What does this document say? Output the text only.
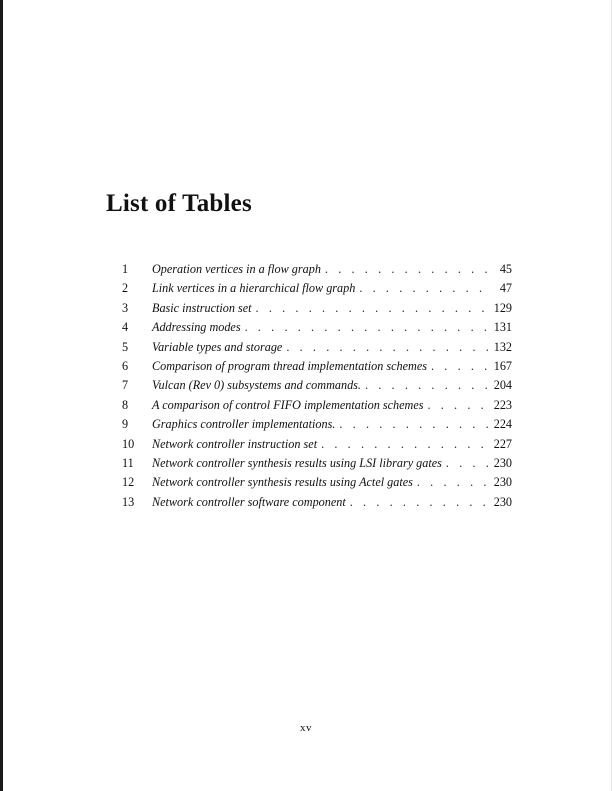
List of Tables
1	Operation vertices in a flow graph . . .	45
2	Link vertices in a hierarchical flow graph . . .	47
3	Basic instruction set . . .	129
4	Addressing modes . . .	131
5	Variable types and storage . . .	132
6	Comparison of program thread implementation schemes . . .	167
7	Vulcan (Rev 0) subsystems and commands. . . .	204
8	A comparison of control FIFO implementation schemes . . .	223
9	Graphics controller implementations. . . .	224
10	Network controller instruction set . . .	227
11	Network controller synthesis results using LSI library gates . . .	230
12	Network controller synthesis results using Actel gates . . .	230
13	Network controller software component . . .	230
xv
